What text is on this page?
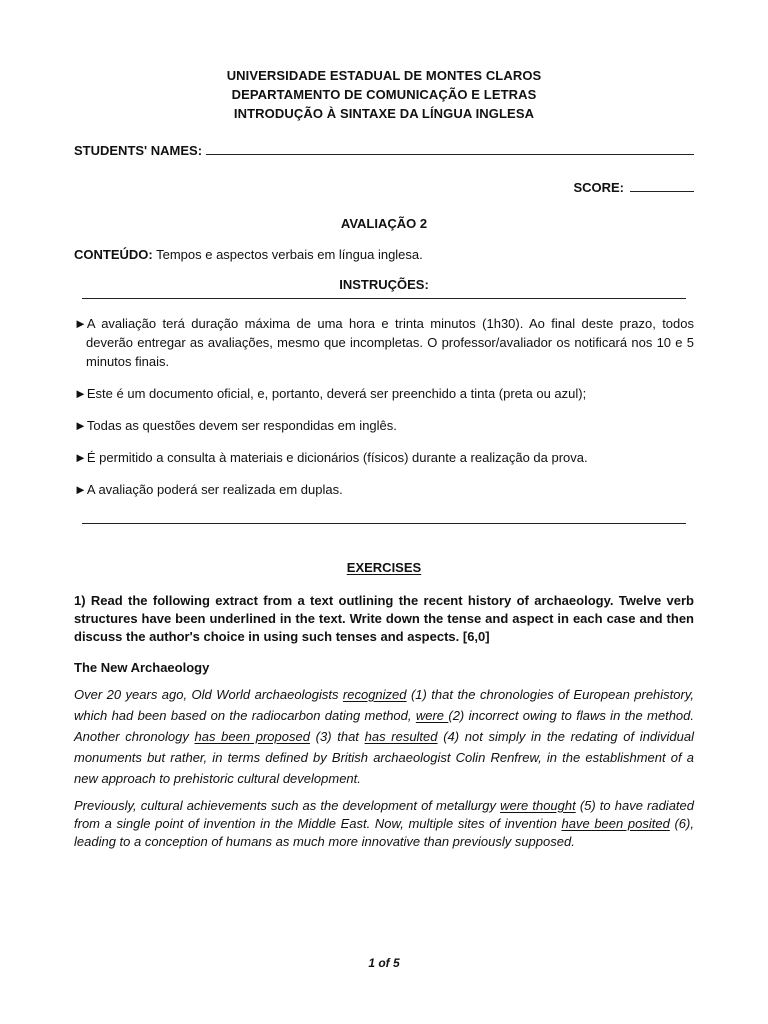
UNIVERSIDADE ESTADUAL DE MONTES CLAROS
DEPARTAMENTO DE COMUNICAÇÃO E LETRAS
INTRODUÇÃO À SINTAXE DA LÍNGUA INGLESA
STUDENTS' NAMES:
SCORE:
AVALIAÇÃO 2
CONTEÚDO: Tempos e aspectos verbais em língua inglesa.
INSTRUÇÕES:
►A avaliação terá duração máxima de uma hora e trinta minutos (1h30). Ao final deste prazo, todos deverão entregar as avaliações, mesmo que incompletas. O professor/avaliador os notificará nos 10 e 5 minutos finais.
►Este é um documento oficial, e, portanto, deverá ser preenchido a tinta (preta ou azul);
►Todas as questões devem ser respondidas em inglês.
►É permitido a consulta à materiais e dicionários (físicos) durante a realização da prova.
►A avaliação poderá ser realizada em duplas.
EXERCISES
1) Read the following extract from a text outlining the recent history of archaeology. Twelve verb structures have been underlined in the text. Write down the tense and aspect in each case and then discuss the author's choice in using such tenses and aspects. [6,0]
The New Archaeology
Over 20 years ago, Old World archaeologists recognized (1) that the chronologies of European prehistory, which had been based on the radiocarbon dating method, were (2) incorrect owing to flaws in the method. Another chronology has been proposed (3) that has resulted (4) not simply in the redating of individual monuments but rather, in terms defined by British archaeologist Colin Renfrew, in the establishment of a new approach to prehistoric cultural development.
Previously, cultural achievements such as the development of metallurgy were thought (5) to have radiated from a single point of invention in the Middle East. Now, multiple sites of invention have been posited (6), leading to a conception of humans as much more innovative than previously supposed.
1 of 5
